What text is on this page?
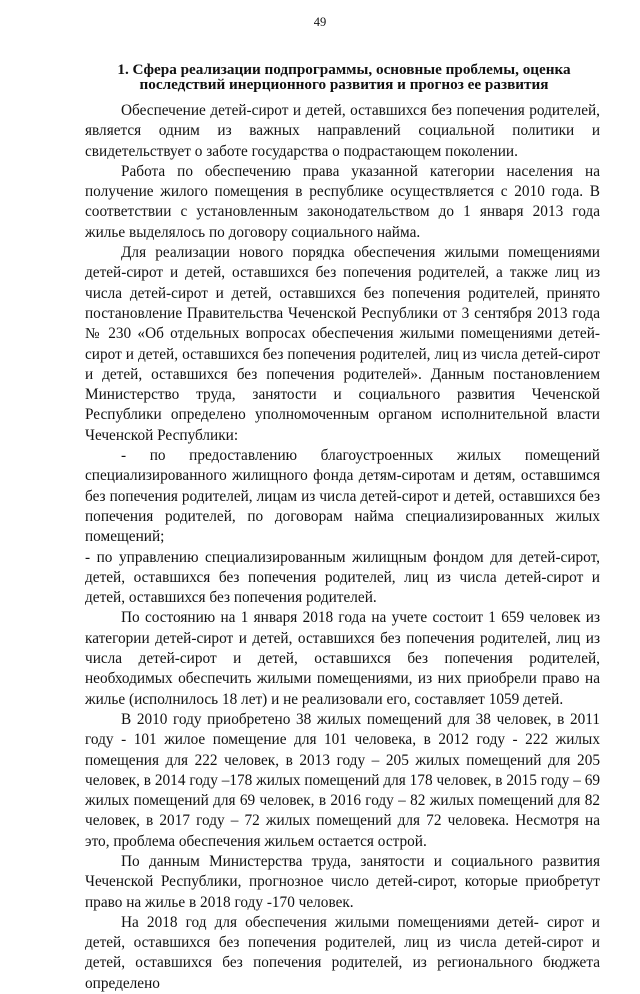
49
1. Сфера реализации подпрограммы, основные проблемы, оценка последствий инерционного развития и прогноз ее развития

Обеспечение детей-сирот и детей, оставшихся без попечения родителей, является одним из важных направлений социальной политики и свидетельствует о заботе государства о подрастающем поколении.

Работа по обеспечению права указанной категории населения на получение жилого помещения в республике осуществляется с 2010 года. В соответствии с установленным законодательством до 1 января 2013 года жилье выделялось по договору социального найма.

Для реализации нового порядка обеспечения жилыми помещениями детей-сирот и детей, оставшихся без попечения родителей, а также лиц из числа детей-сирот и детей, оставшихся без попечения родителей, принято постановление Правительства Чеченской Республики от 3 сентября 2013 года № 230 «Об отдельных вопросах обеспечения жилыми помещениями детей-сирот и детей, оставшихся без попечения родителей, лиц из числа детей-сирот и детей, оставшихся без попечения родителей». Данным постановлением Министерство труда, занятости и социального развития Чеченской Республики определено уполномоченным органом исполнительной власти Чеченской Республики:

- по предоставлению благоустроенных жилых помещений специализированного жилищного фонда детям-сиротам и детям, оставшимся без попечения родителей, лицам из числа детей-сирот и детей, оставшихся без попечения родителей, по договорам найма специализированных жилых помещений;

- по управлению специализированным жилищным фондом для детей-сирот, детей, оставшихся без попечения родителей, лиц из числа детей-сирот и детей, оставшихся без попечения родителей.

По состоянию на 1 января 2018 года на учете состоит 1 659 человек из категории детей-сирот и детей, оставшихся без попечения родителей, лиц из числа детей-сирот и детей, оставшихся без попечения родителей, необходимых обеспечить жилыми помещениями, из них приобрели право на жилье (исполнилось 18 лет) и не реализовали его, составляет 1059 детей.

В 2010 году приобретено 38 жилых помещений для 38 человек, в 2011 году - 101 жилое помещение для 101 человека, в 2012 году - 222 жилых помещения для 222 человек, в 2013 году – 205 жилых помещений для 205 человек, в 2014 году –178 жилых помещений для 178 человек, в 2015 году – 69 жилых помещений для 69 человек, в 2016 году – 82 жилых помещений для 82 человек, в 2017 году – 72 жилых помещений для 72 человека. Несмотря на это, проблема обеспечения жильем остается острой.

По данным Министерства труда, занятости и социального развития Чеченской Республики, прогнозное число детей-сирот, которые приобретут право на жилье в 2018 году -170 человек.

На 2018 год для обеспечения жилыми помещениями детей- сирот и детей, оставшихся без попечения родителей, лиц из числа детей-сирот и детей, оставшихся без попечения родителей, из регионального бюджета определено
